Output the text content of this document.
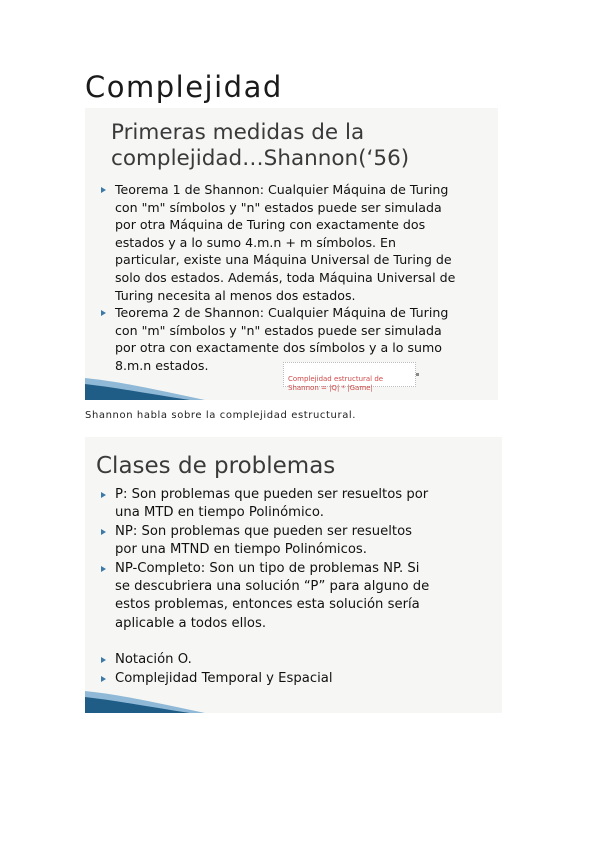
Complejidad
Primeras medidas de la
complejidad…Shannon(‘56)
Teorema 1 de Shannon: Cualquier Máquina de Turing
con "m" símbolos y "n" estados puede ser simulada
por otra Máquina de Turing con exactamente dos
estados y a lo sumo 4.m.n + m símbolos. En
particular, existe una Máquina Universal de Turing de
solo dos estados. Además, toda Máquina Universal de
Turing necesita al menos dos estados.
Teorema 2 de Shannon: Cualquier Máquina de Turing
con "m" símbolos y "n" estados puede ser simulada
por otra con exactamente dos símbolos y a lo sumo
8.m.n estados.

Complejidad estructural de
Shannon = |Q| * |Game|

Shannon habla sobre la complejidad estructural.
Clases de problemas
P: Son problemas que pueden ser resueltos por
una MTD en tiempo Polinómico.
NP: Son problemas que pueden ser resueltos
por una MTND en tiempo Polinómicos.
NP-Completo: Son un tipo de problemas NP. Si
se descubriera una solución “P” para alguno de
estos problemas, entonces esta solución sería
aplicable a todos ellos.
Notación O.
Complejidad Temporal y Espacial
